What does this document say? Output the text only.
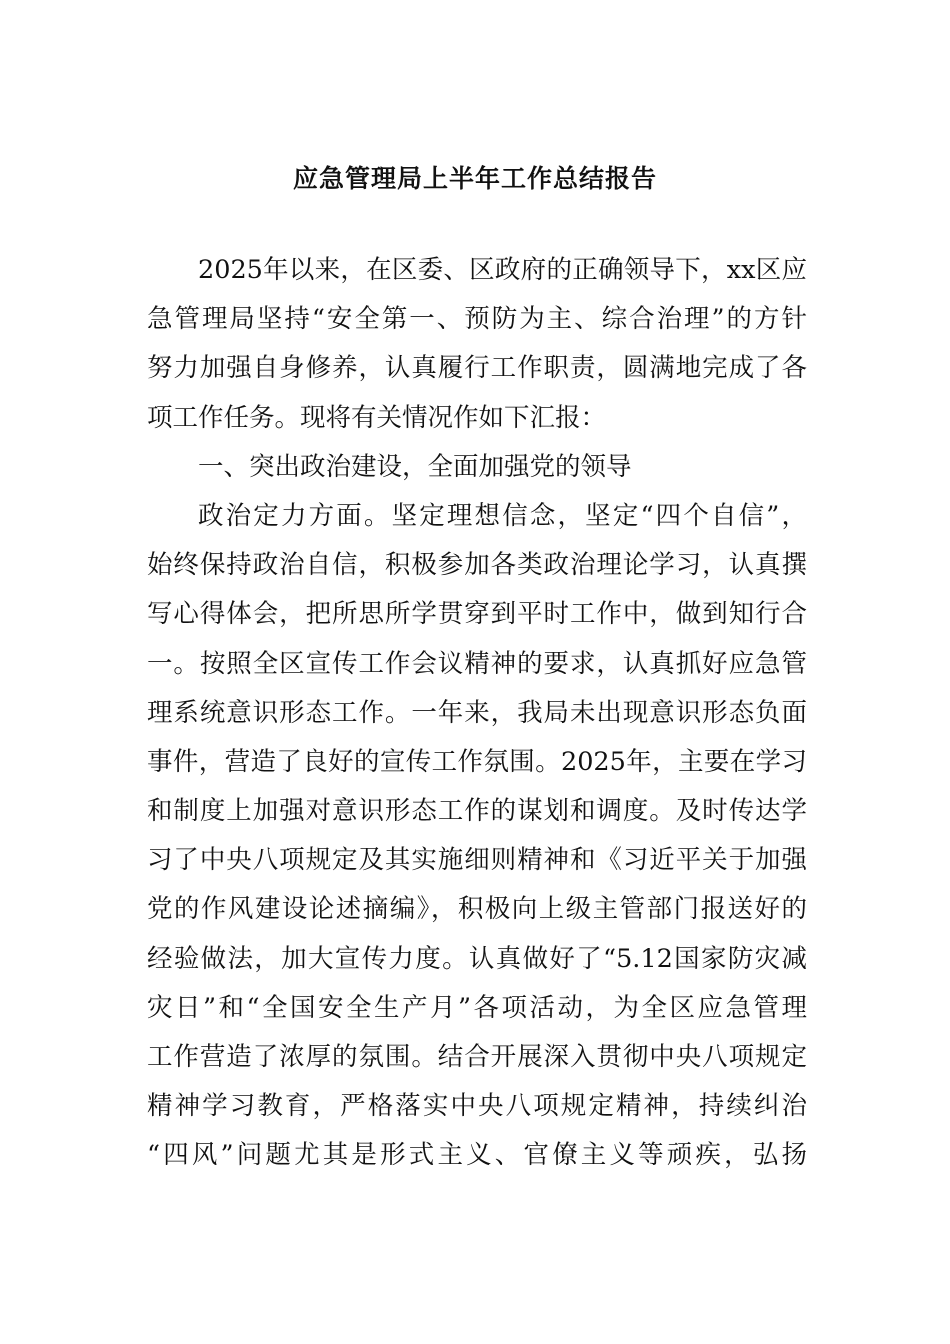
应急管理局上半年工作总结报告
2025年以来，在区委、区政府的正确领导下，xx区应
急管理局坚持“安全第一、预防为主、综合治理”的方针
努力加强自身修养，认真履行工作职责，圆满地完成了各
项工作任务。现将有关情况作如下汇报：
一、突出政治建设，全面加强党的领导
政治定力方面。坚定理想信念，坚定“四个自信”，
始终保持政治自信，积极参加各类政治理论学习，认真撰
写心得体会，把所思所学贯穿到平时工作中，做到知行合
一。按照全区宣传工作会议精神的要求，认真抓好应急管
理系统意识形态工作。一年来，我局未出现意识形态负面
事件，营造了良好的宣传工作氛围。2025年，主要在学习
和制度上加强对意识形态工作的谋划和调度。及时传达学
习了中央八项规定及其实施细则精神和《习近平关于加强
党的作风建设论述摘编》，积极向上级主管部门报送好的
经验做法，加大宣传力度。认真做好了“5.12国家防灾减
灾日”和“全国安全生产月”各项活动，为全区应急管理
工作营造了浓厚的氛围。结合开展深入贯彻中央八项规定
精神学习教育，严格落实中央八项规定精神，持续纠治
“四风”问题尤其是形式主义、官僚主义等顽疾，弘扬
